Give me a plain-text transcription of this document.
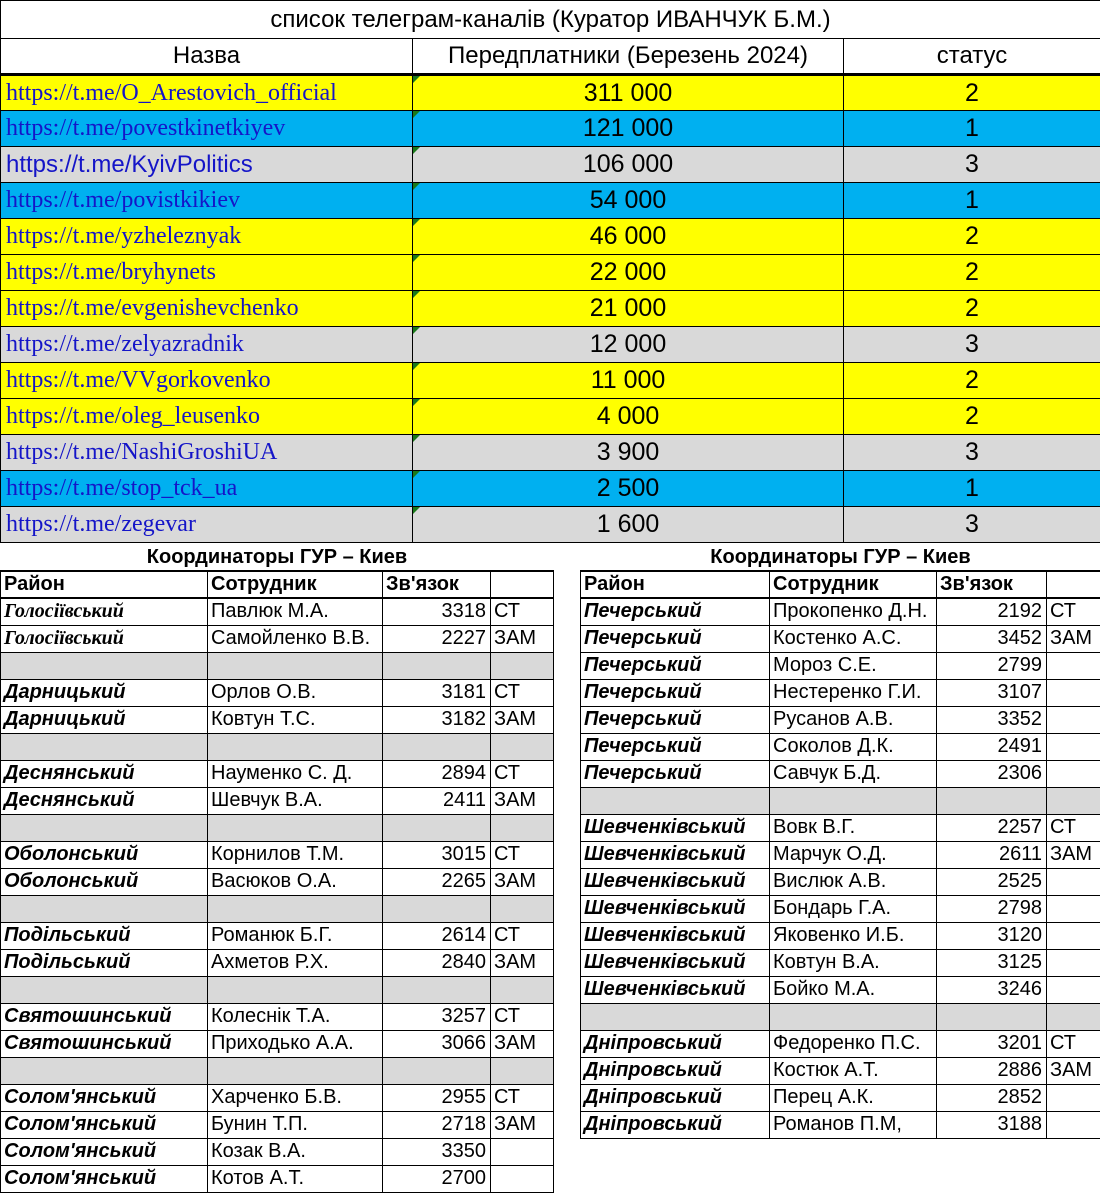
список телеграм-каналів (Куратор ИВАНЧУК Б.М.)		
Назва	Передплатники (Березень 2024)	статус
https://t.me/O_Arestovich_official	311 000	2
https://t.me/povestkinetkiyev	121 000	1
https://t.me/KyivPolitics	106 000	3
https://t.me/povistkikiev	54 000	1
https://t.me/yzheleznyak	46 000	2
https://t.me/bryhynets	22 000	2
https://t.me/evgenishevchenko	21 000	2
https://t.me/zelyazradnik	12 000	3
https://t.me/VVgorkovenko	11 000	2
https://t.me/oleg_leusenko	4 000	2
https://t.me/NashiGroshiUA	3 900	3
https://t.me/stop_tck_ua	2 500	1
https://t.me/zegevar	1 600	3
Координаторы ГУР – Киев			
Район	Сотрудник	Зв'язок	
Голосіївський	Павлюк М.А.	3318	СТ
Голосіївський	Самойленко В.В.	2227	ЗАМ

Дарницький	Орлов О.В.	3181	СТ
Дарницький	Ковтун Т.С.	3182	ЗАМ

Деснянський	Науменко С. Д.	2894	СТ
Деснянський	Шевчук В.А.	2411	ЗАМ

Оболонський	Корнилов Т.М.	3015	СТ
Оболонський	Васюков О.А.	2265	ЗАМ

Подільський	Романюк Б.Г.	2614	СТ
Подільський	Ахметов Р.Х.	2840	ЗАМ

Святошинський	Колеснік Т.А.	3257	СТ
Святошинський	Приходько А.А.	3066	ЗАМ

Солом'янський	Харченко Б.В.	2955	СТ
Солом'янський	Бунин Т.П.	2718	ЗАМ
Солом'янський	Козак В.А.	3350	
Солом'янський	Котов А.Т.	2700	
Координаторы ГУР – Киев			
Район	Сотрудник	Зв'язок	
Печерський	Прокопенко Д.Н.	2192	СТ
Печерський	Костенко А.С.	3452	ЗАМ
Печерський	Мороз С.Е.	2799	
Печерський	Нестеренко Г.И.	3107	
Печерський	Русанов А.В.	3352	
Печерський	Соколов Д.К.	2491	
Печерський	Савчук Б.Д.	2306	

Шевченківський	Вовк В.Г.	2257	СТ
Шевченківський	Марчук О.Д.	2611	ЗАМ
Шевченківський	Вислюк А.В.	2525	
Шевченківський	Бондарь Г.А.	2798	
Шевченківський	Яковенко И.Б.	3120	
Шевченківський	Ковтун В.А.	3125	
Шевченківський	Бойко М.А.	3246	

Дніпровський	Федоренко П.С.	3201	СТ
Дніпровський	Костюк А.Т.	2886	ЗАМ
Дніпровський	Перец А.К.	2852	
Дніпровський	Романов П.М,	3188	
